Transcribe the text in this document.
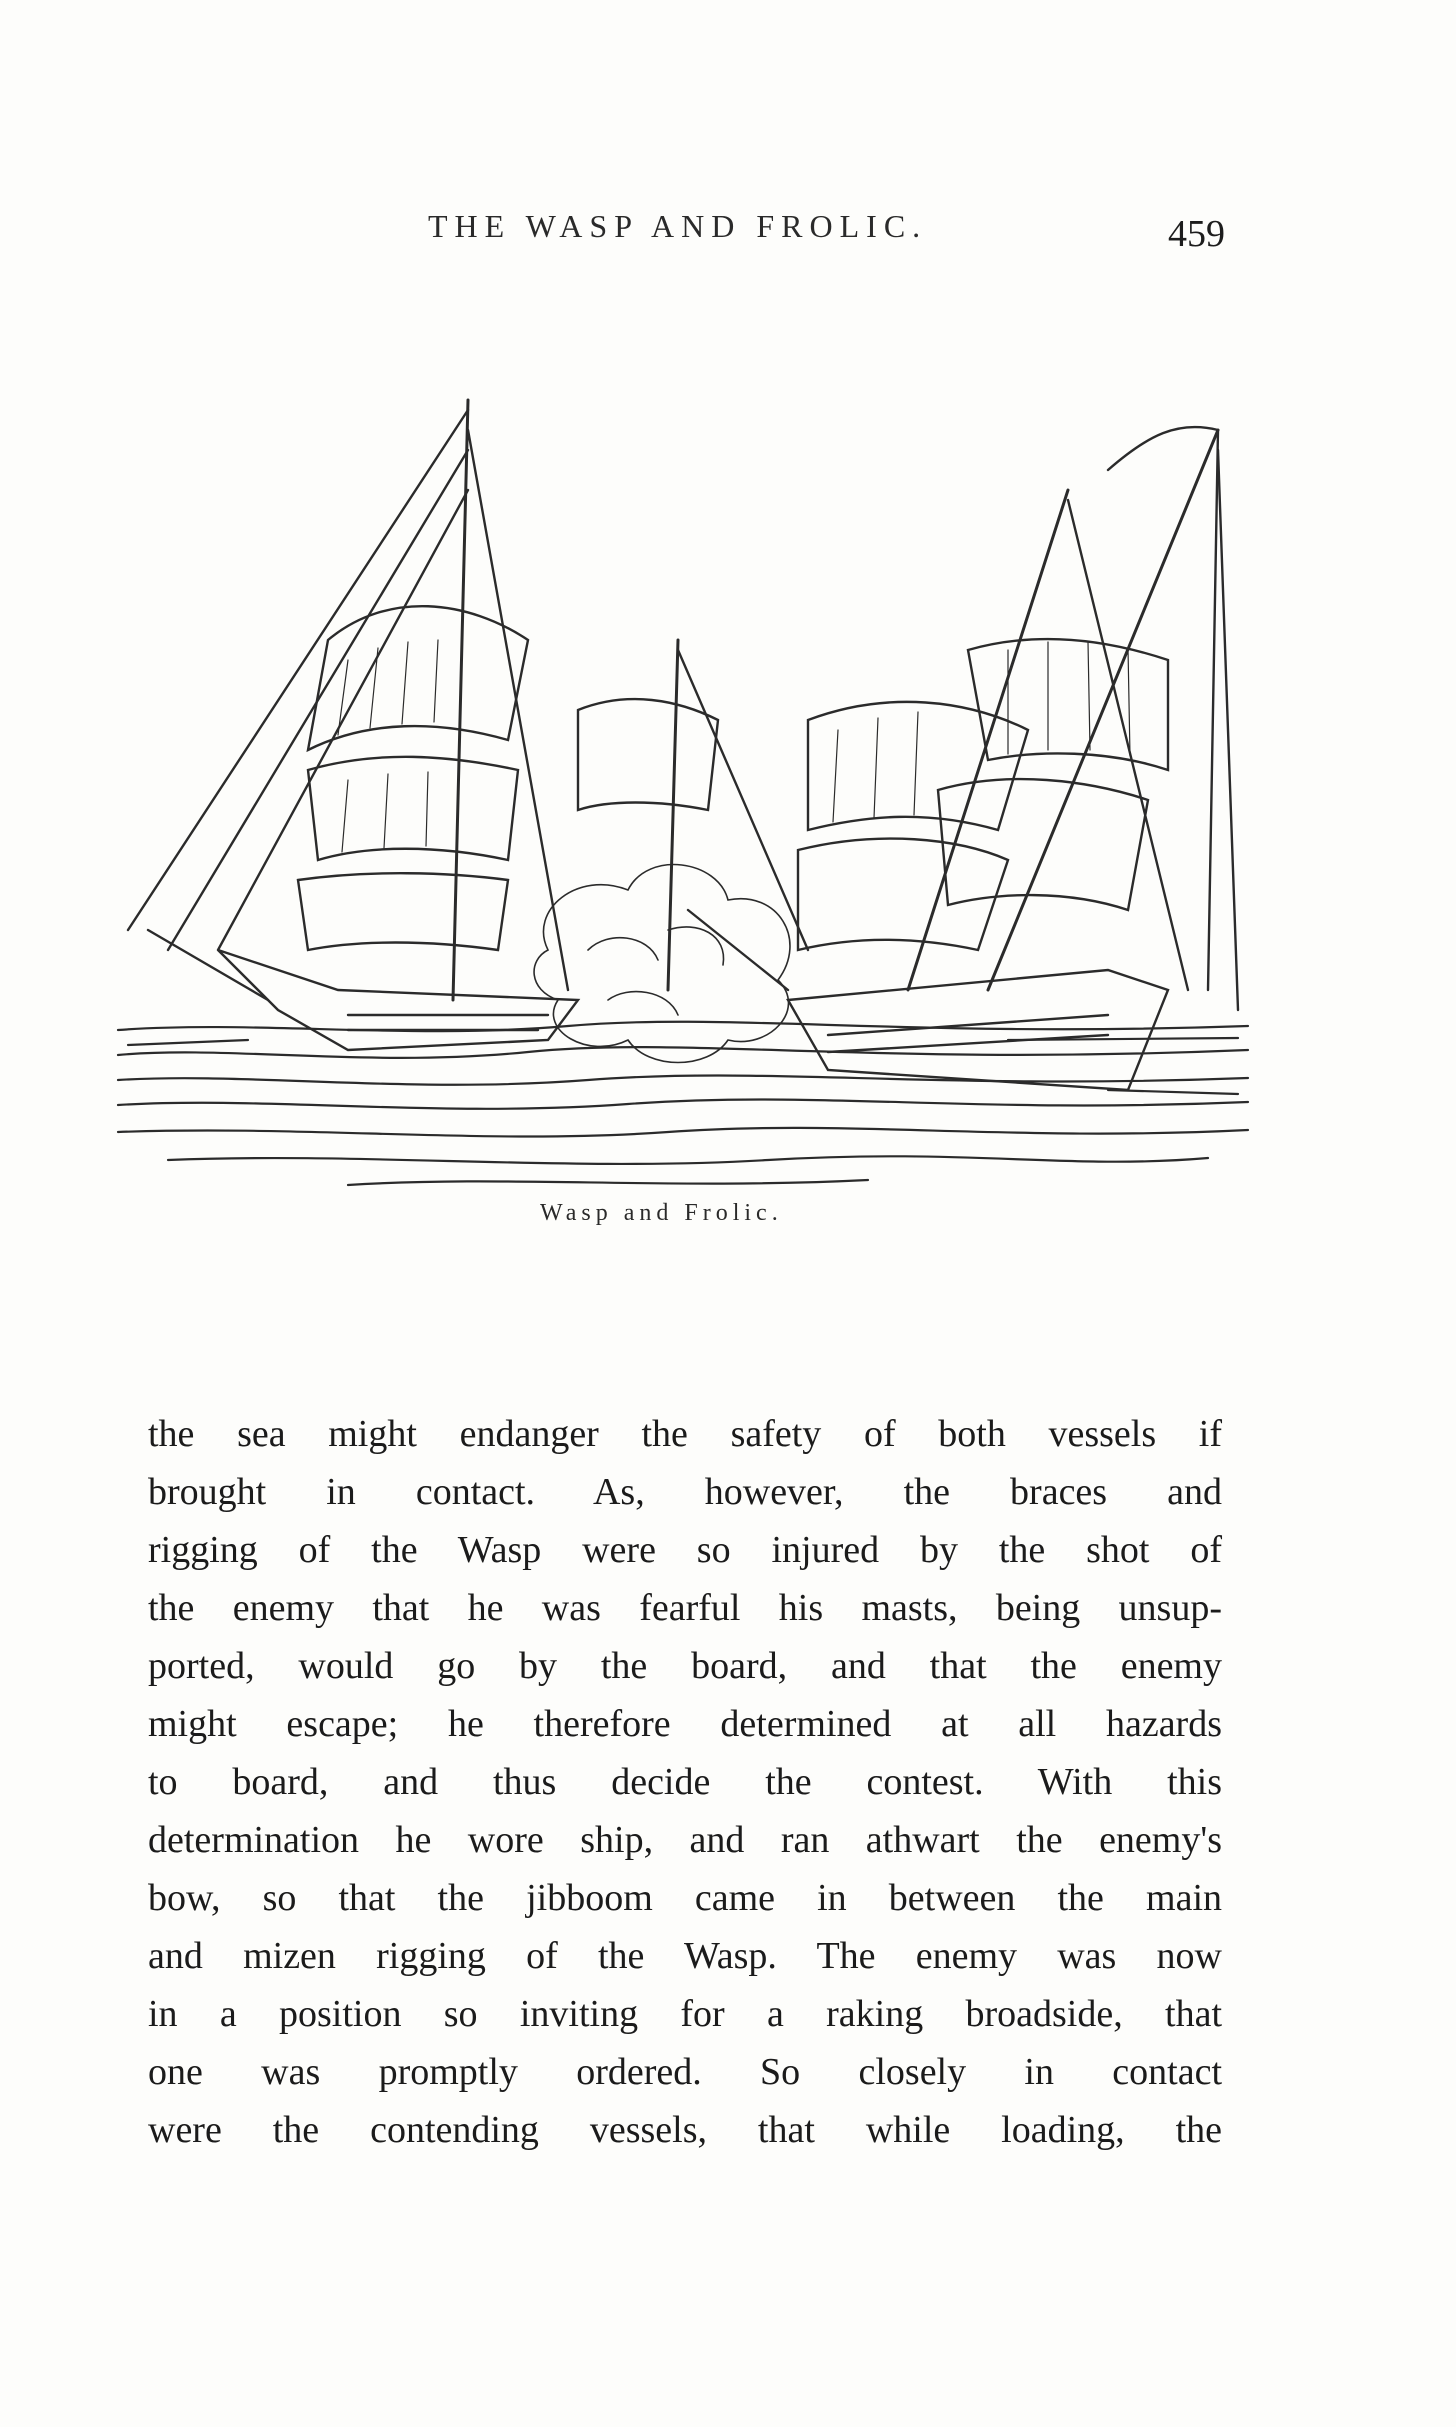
THE WASP AND FROLIC.	459
Wasp and Frolic.
the sea might endanger the safety of both vessels if
brought in contact. As, however, the braces and
rigging of the Wasp were so injured by the shot of
the enemy that he was fearful his masts, being unsup-
ported, would go by the board, and that the enemy
might escape; he therefore determined at all hazards
to board, and thus decide the contest. With this
determination he wore ship, and ran athwart the enemy's
bow, so that the jibboom came in between the main
and mizen rigging of the Wasp. The enemy was now
in a position so inviting for a raking broadside, that
one was promptly ordered. So closely in contact
were the contending vessels, that while loading, the
